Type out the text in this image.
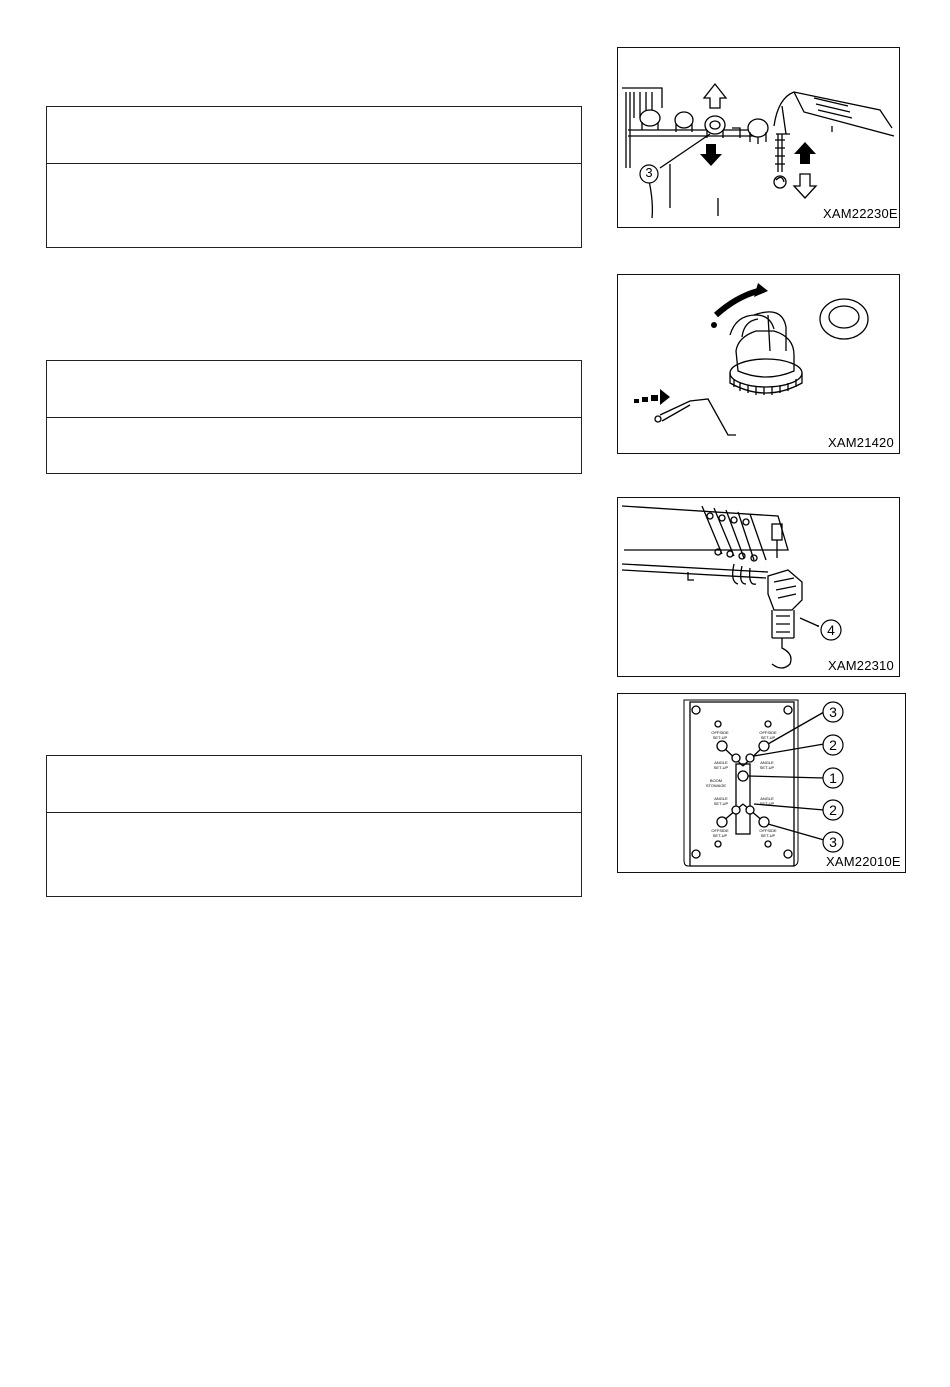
3
XAM22230E
XAM21420
4
XAM22310
OFFSIDE SET-UP
OFFSIDE SET-UP
ANGLE SET-UP
ANGLE SET-UP
BOOM STOWAGE
ANGLE SET-UP
ANGLE SET-UP
OFFSIDE SET-UP
OFFSIDE SET-UP
3
2
1
2
3
XAM22010E
